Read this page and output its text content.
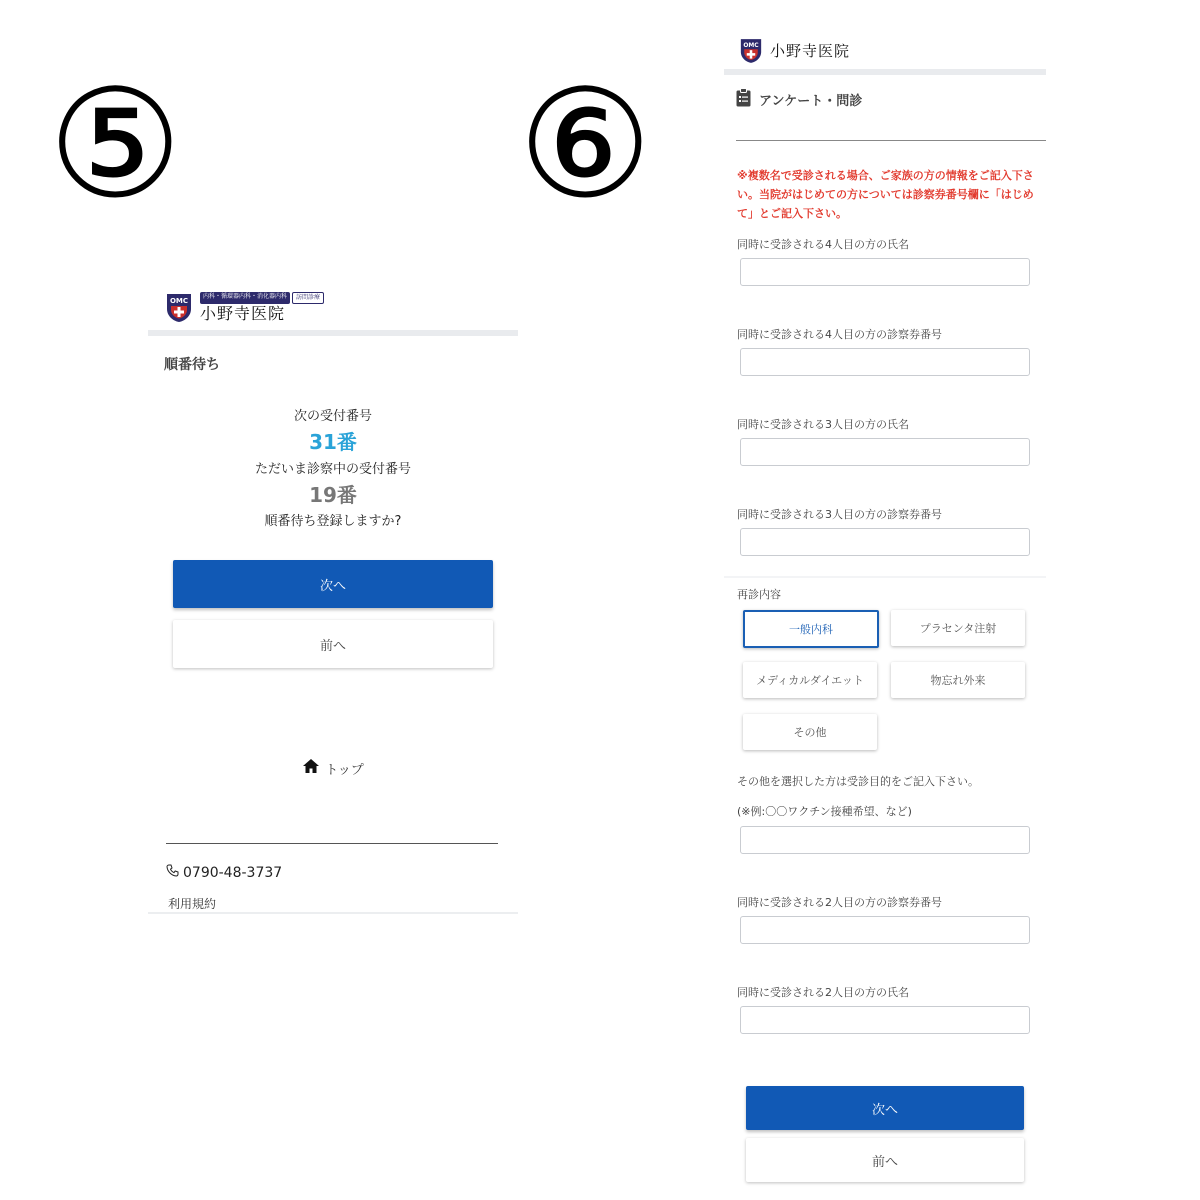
⑤ ⑥
OMC
内科・循環器内科・消化器内科	訪問診療
小野寺医院
順番待ち
次の受付番号
31番
ただいま診察中の受付番号
19番
順番待ち登録しますか?
次へ
前へ
トップ
0790-48-3737
利用規約
OMC 小野寺医院
アンケート・問診
※複数名で受診される場合、ご家族の方の情報をご記入下さい。当院がはじめての方については診察券番号欄に「はじめて」とご記入下さい。
同時に受診される4人目の方の氏名
同時に受診される4人目の方の診察券番号
同時に受診される3人目の方の氏名
同時に受診される3人目の方の診察券番号
再診内容
一般内科	プラセンタ注射
メディカルダイエット	物忘れ外来
その他
その他を選択した方は受診目的をご記入下さい。
(※例:〇〇ワクチン接種希望、など)
同時に受診される2人目の方の診察券番号
同時に受診される2人目の方の氏名
次へ
前へ
